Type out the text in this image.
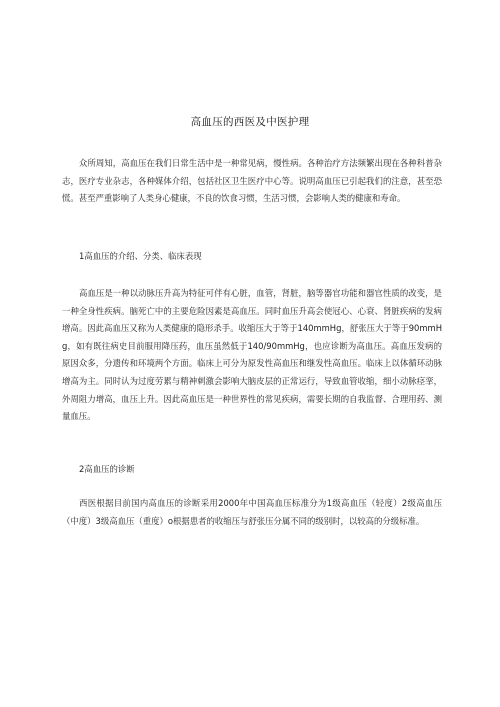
高血压的西医及中医护理

众所周知，高血压在我们日常生活中是一种常见病，慢性病。各种治疗方法频繁出现在各种科普杂志，医疗专业杂志，各种媒体介绍，包括社区卫生医疗中心等。说明高血压已引起我们的注意，甚至恐慌。甚至严重影响了人类身心健康，不良的饮食习惯，生活习惯，会影响人类的健康和寿命。

1高血压的介绍、分类、临床表现

高血压是一种以动脉压升高为特征可伴有心脏，血管，肾脏，脑等器官功能和器官性质的改变，是一种全身性疾病。脑死亡中的主要危险因素是高血压。同时血压升高会使冠心、心衰、肾脏疾病的发病增高。因此高血压又称为人类健康的隐形杀手。收缩压大于等于140mmHg，舒张压大于等于90mmHg，如有既往病史目前服用降压药，血压虽然低于140/90mmHg，也应诊断为高血压。高血压发病的原因众多，分遗传和环境两个方面。临床上可分为原发性高血压和继发性高血压。临床上以体循环动脉增高为主。同时认为过度劳累与精神刺激会影响大脑皮层的正常运行，导致血管收缩，细小动脉痉挛，外周阻力增高，血压上升。因此高血压是一种世界性的常见疾病，需要长期的自我监督、合理用药、测量血压。

2高血压的诊断

西医根据目前国内高血压的诊断采用2000年中国高血压标准分为1级高血压（轻度）2级高血压（中度）3级高血压（重度）o根据患者的收缩压与舒张压分属不同的级别时，以较高的分级标准。
